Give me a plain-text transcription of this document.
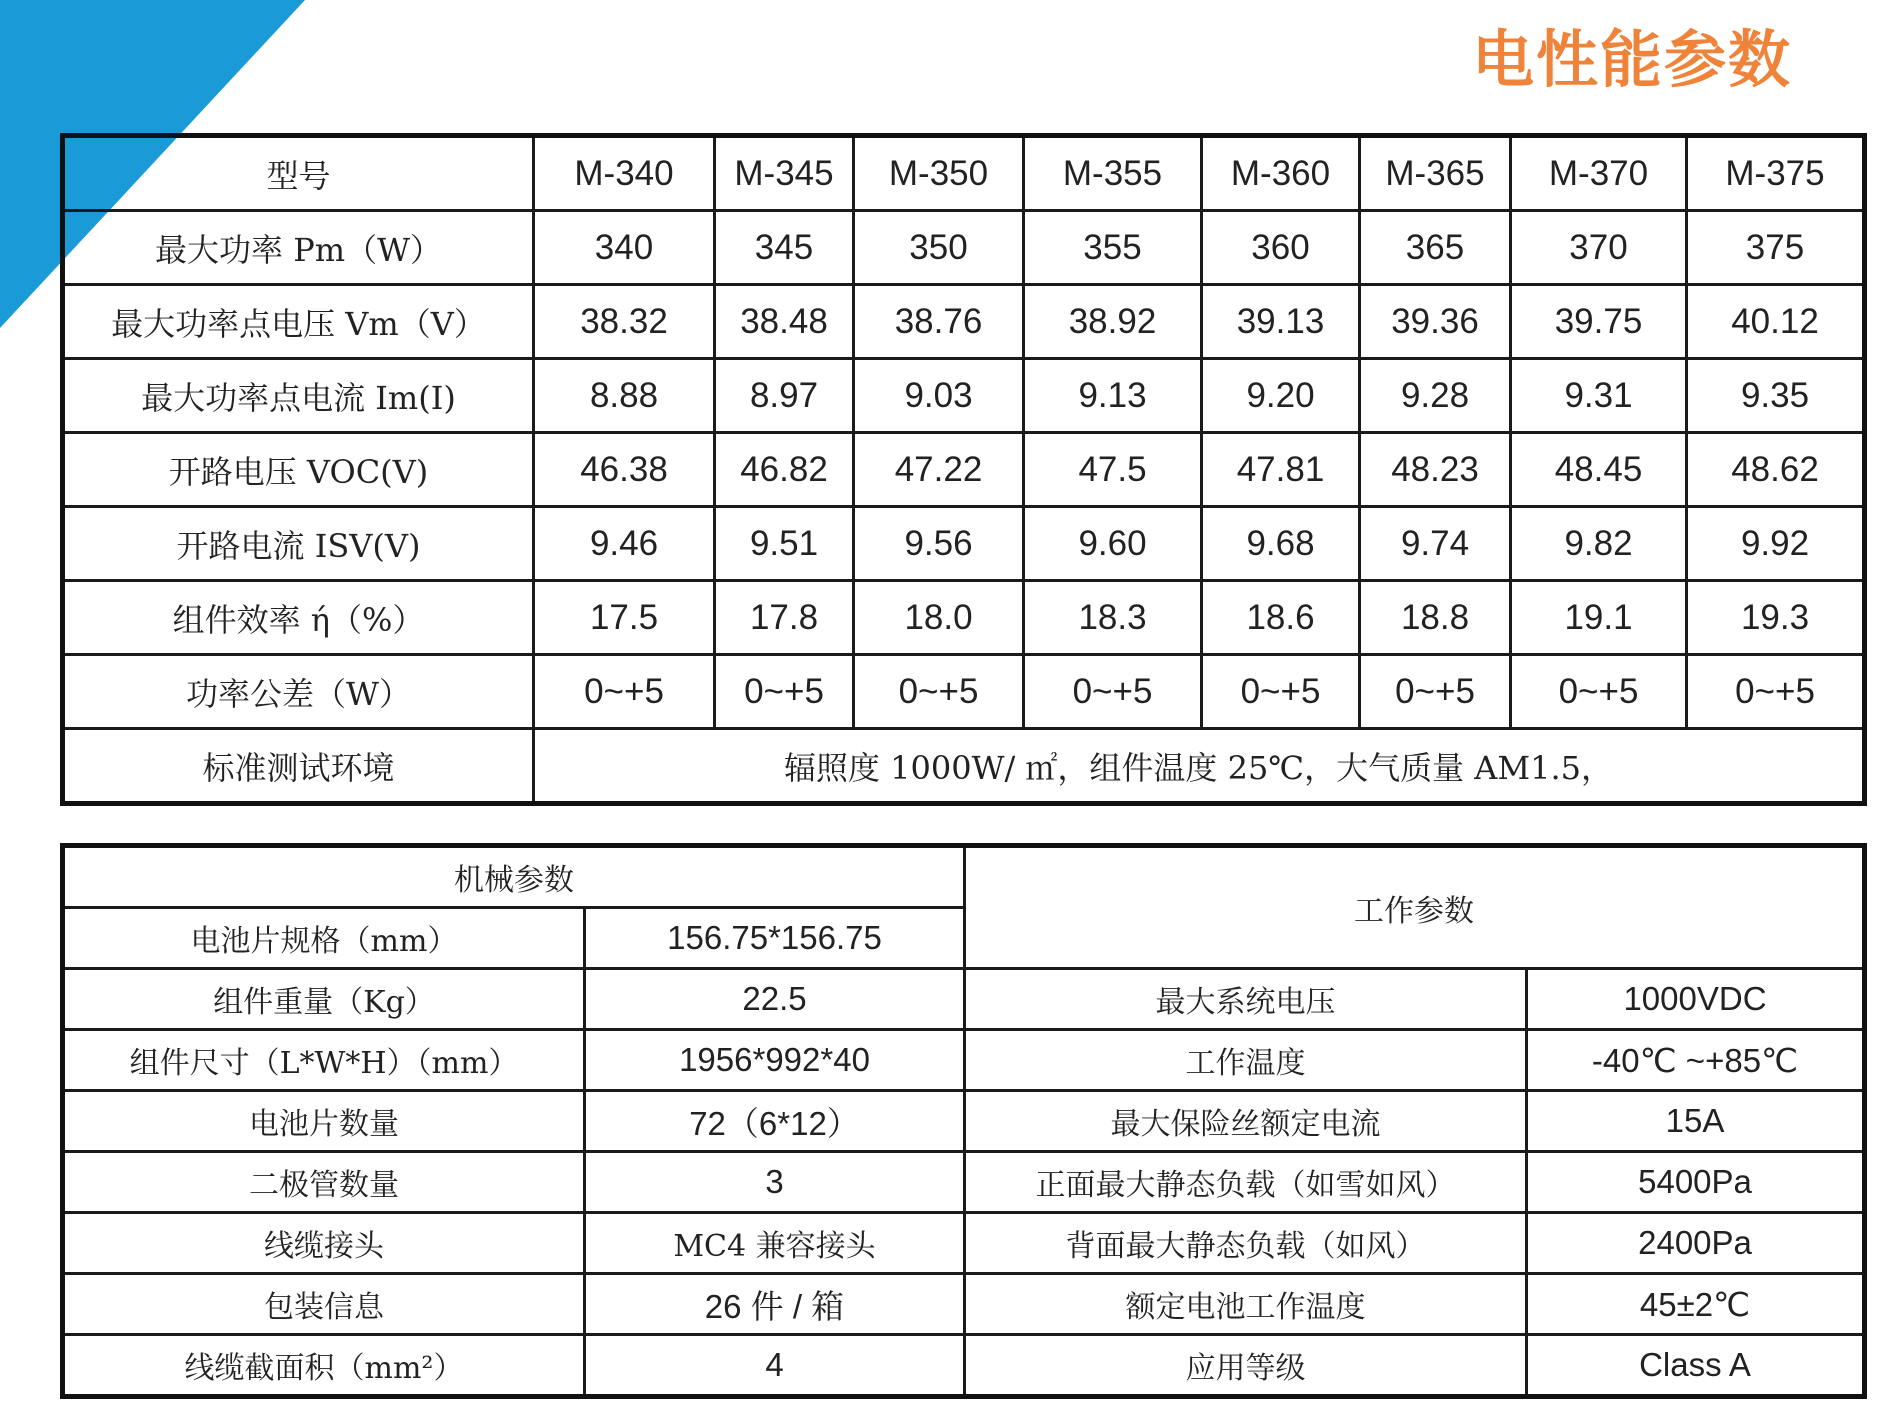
电性能参数
型号	M-340	M-345	M-350	M-355	M-360	M-365	M-370	M-375
最大功率 Pm（W）	340	345	350	355	360	365	370	375
最大功率点电压 Vm（V）	38.32	38.48	38.76	38.92	39.13	39.36	39.75	40.12
最大功率点电流 Im(I)	8.88	8.97	9.03	9.13	9.20	9.28	9.31	9.35
开路电压 VOC(V)	46.38	46.82	47.22	47.5	47.81	48.23	48.45	48.62
开路电流 ISV(V)	9.46	9.51	9.56	9.60	9.68	9.74	9.82	9.92
组件效率 ή（%）	17.5	17.8	18.0	18.3	18.6	18.8	19.1	19.3
功率公差（W）	0~+5	0~+5	0~+5	0~+5	0~+5	0~+5	0~+5	0~+5
标准测试环境	辐照度 1000W/ ㎡，组件温度 25℃，大气质量 AM1.5，							
机械参数		工作参数	
电池片规格（mm）	156.75*156.75		
组件重量（Kg）	22.5	最大系统电压	1000VDC
组件尺寸（L*W*H）（mm）	1956*992*40	工作温度	-40℃ ~+85℃
电池片数量	72（6*12）	最大保险丝额定电流	15A
二极管数量	3	正面最大静态负载（如雪如风）	5400Pa
线缆接头	MC4 兼容接头	背面最大静态负载（如风）	2400Pa
包装信息	26 件 / 箱	额定电池工作温度	45±2℃
线缆截面积（mm²）	4	应用等级	Class A
